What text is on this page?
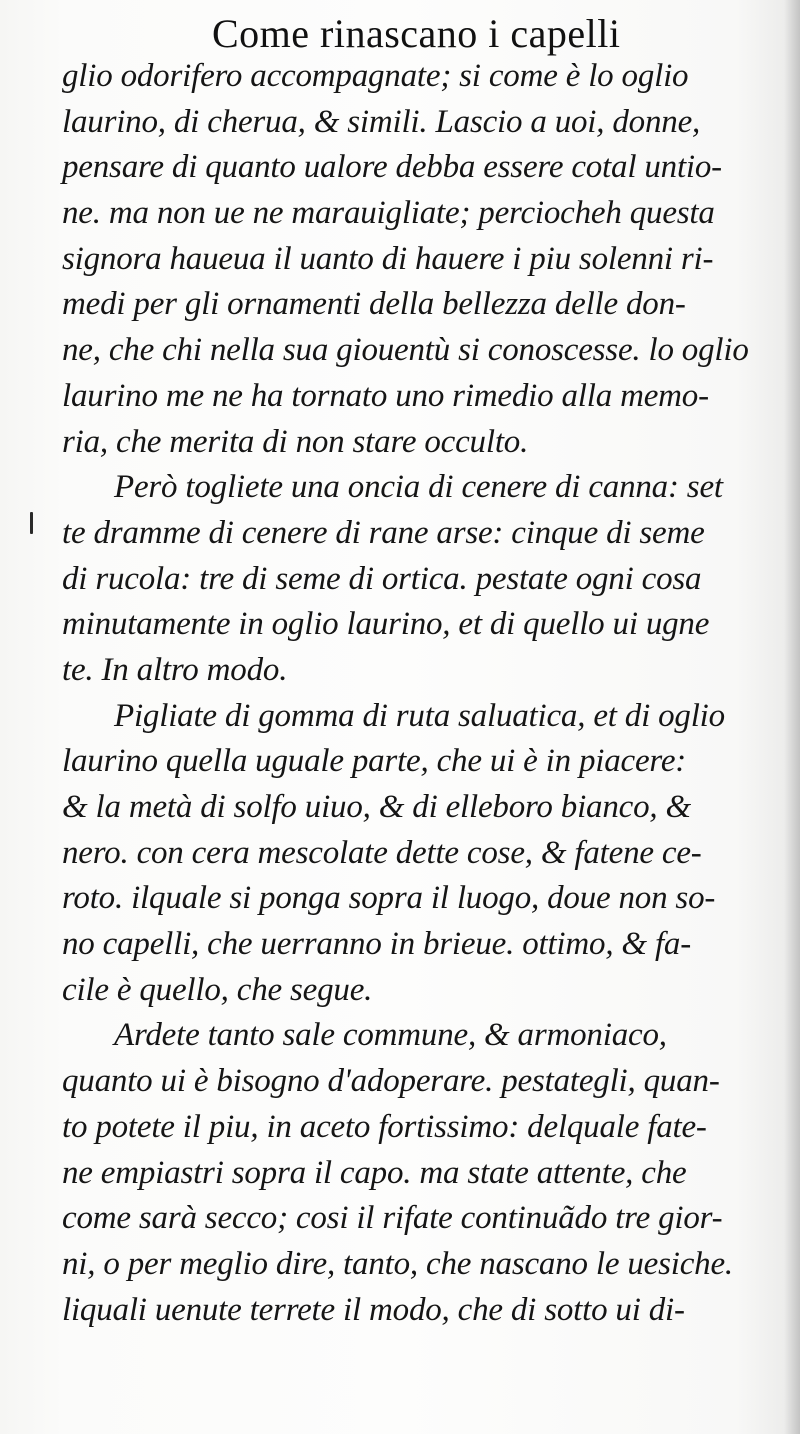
Come rinascano i capelli
glio odorifero accompagnate; si come è lo oglio
laurino, di cherua, & simili. Lascio a uoi, donne,
pensare di quanto ualore debba essere cotal untio-
ne. ma non ue ne marauigliate; perciocheh questa
signora haueua il uanto di hauere i piu solenni ri-
medi per gli ornamenti della bellezza delle don-
ne, che chi nella sua giouentù si conoscesse. lo oglio
laurino me ne ha tornato uno rimedio alla memo-
ria, che merita di non stare occulto.
Però togliete una oncia di cenere di canna: set
te dramme di cenere di rane arse: cinque di seme
di rucola: tre di seme di ortica. pestate ogni cosa
minutamente in oglio laurino, et di quello ui ugne
te. In altro modo.
Pigliate di gomma di ruta saluatica, et di oglio
laurino quella uguale parte, che ui è in piacere:
& la metà di solfo uiuo, & di elleboro bianco, &
nero. con cera mescolate dette cose, & fatene ce-
roto. ilquale si ponga sopra il luogo, doue non so-
no capelli, che uerranno in brieue. ottimo, & fa-
cile è quello, che segue.
Ardete tanto sale commune, & armoniaco,
quanto ui è bisogno d'adoperare. pestategli, quan-
to potete il piu, in aceto fortissimo: delquale fate-
ne empiastri sopra il capo. ma state attente, che
come sarà secco; cosi il rifate continuãdo tre gior-
ni, o per meglio dire, tanto, che nascano le uesiche.
liquali uenute terrete il modo, che di sotto ui di-
